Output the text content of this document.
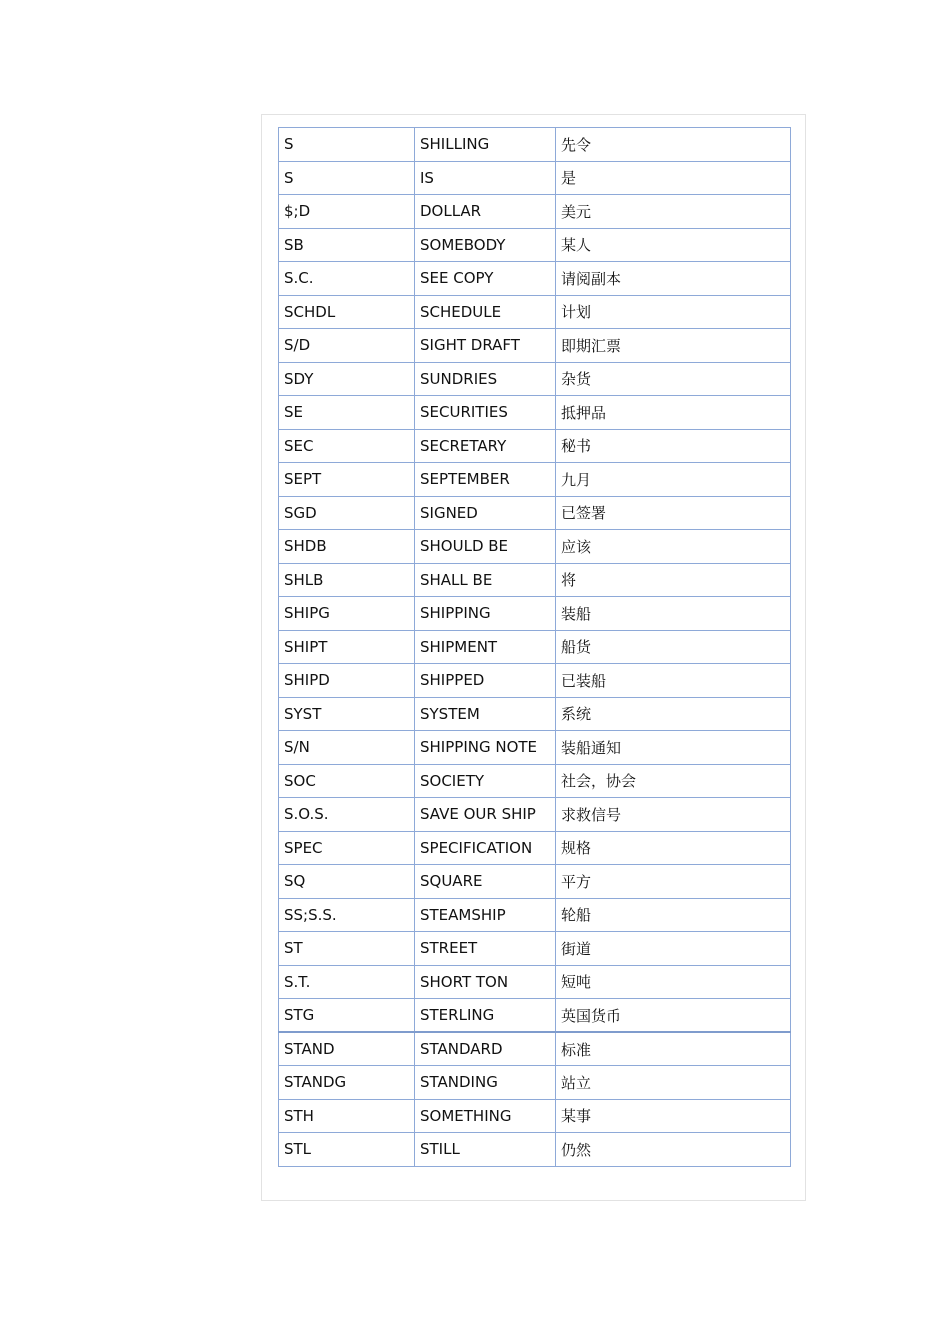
S	SHILLING	先令
S	IS	是
$;D	DOLLAR	美元
SB	SOMEBODY	某人
S.C.	SEE COPY	请阅副本
SCHDL	SCHEDULE	计划
S/D	SIGHT DRAFT	即期汇票
SDY	SUNDRIES	杂货
SE	SECURITIES	抵押品
SEC	SECRETARY	秘书
SEPT	SEPTEMBER	九月
SGD	SIGNED	已签署
SHDB	SHOULD BE	应该
SHLB	SHALL BE	将
SHIPG	SHIPPING	装船
SHIPT	SHIPMENT	船货
SHIPD	SHIPPED	已装船
SYST	SYSTEM	系统
S/N	SHIPPING NOTE	装船通知
SOC	SOCIETY	社会，协会
S.O.S.	SAVE OUR SHIP	求救信号
SPEC	SPECIFICATION	规格
SQ	SQUARE	平方
SS;S.S.	STEAMSHIP	轮船
ST	STREET	街道
S.T.	SHORT TON	短吨
STG	STERLING	英国货币
STAND	STANDARD	标准
STANDG	STANDING	站立
STH	SOMETHING	某事
STL	STILL	仍然
